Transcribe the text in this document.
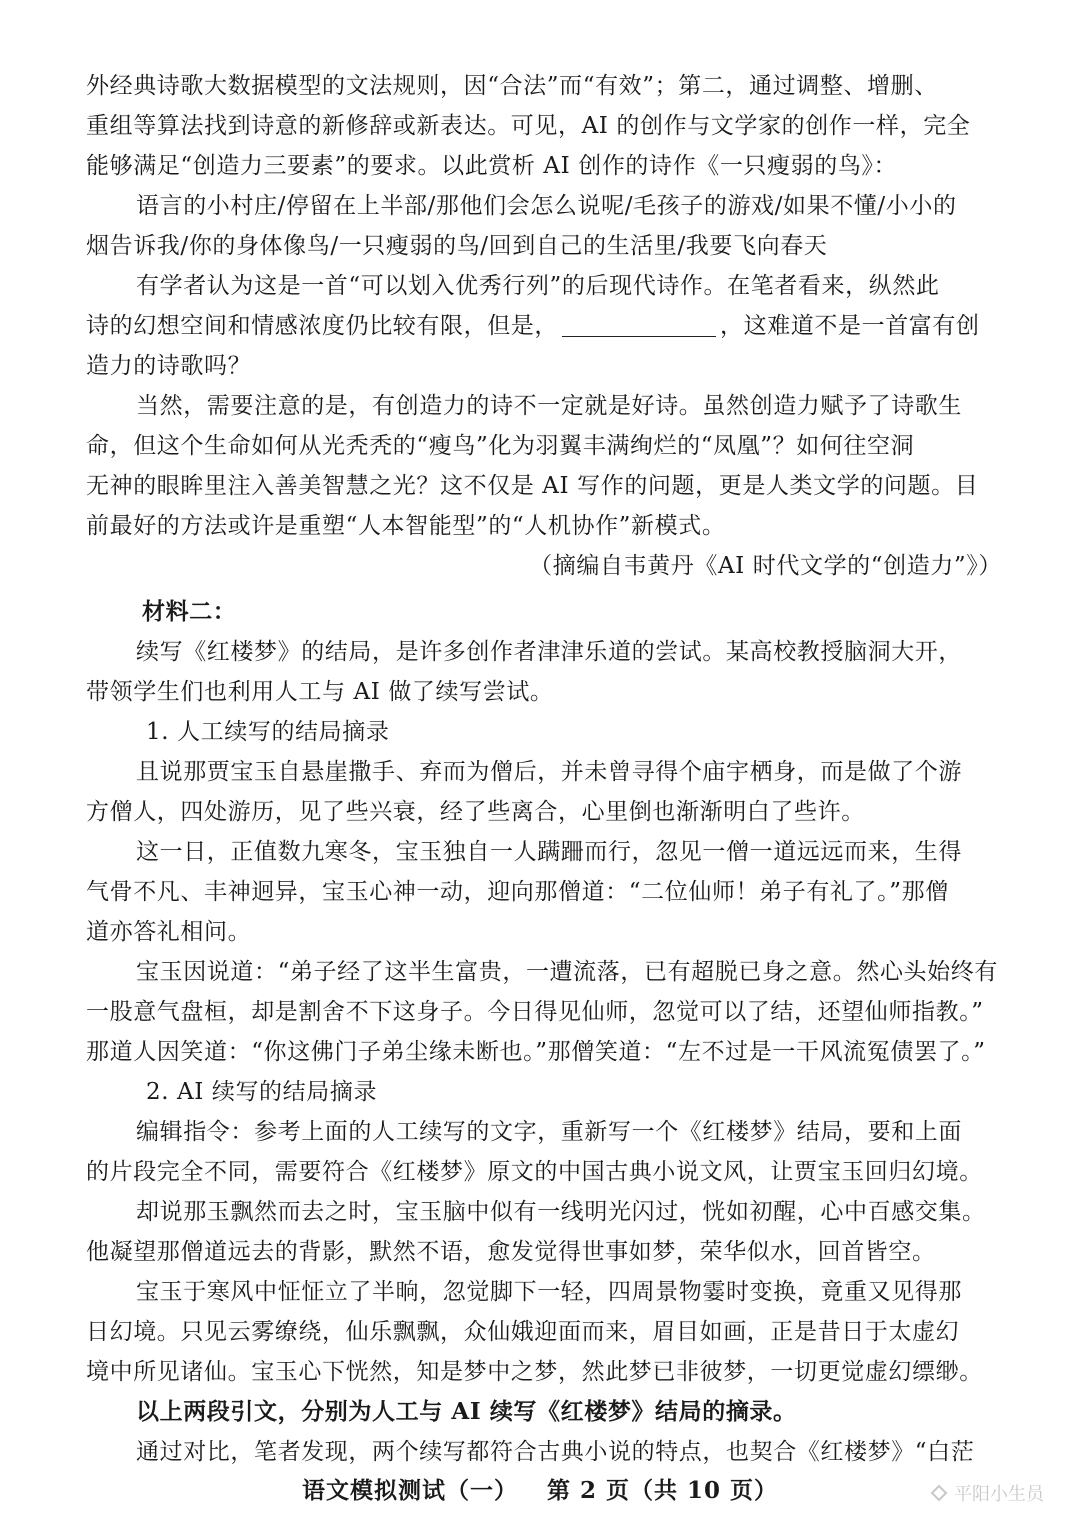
外经典诗歌大数据模型的文法规则，因“合法”而“有效”；第二，通过调整、增删、
重组等算法找到诗意的新修辞或新表达。可见，AI 的创作与文学家的创作一样，完全
能够满足“创造力三要素”的要求。以此赏析 AI 创作的诗作《一只瘦弱的鸟》：
语言的小村庄/停留在上半部/那他们会怎么说呢/毛孩子的游戏/如果不懂/小小的
烟告诉我/你的身体像鸟/一只瘦弱的鸟/回到自己的生活里/我要飞向春天
有学者认为这是一首“可以划入优秀行列”的后现代诗作。在笔者看来，纵然此
诗的幻想空间和情感浓度仍比较有限，但是，	，这难道不是一首富有创
造力的诗歌吗？
当然，需要注意的是，有创造力的诗不一定就是好诗。虽然创造力赋予了诗歌生
命，但这个生命如何从光秃秃的“瘦鸟”化为羽翼丰满绚烂的“凤凰”？如何往空洞
无神的眼眸里注入善美智慧之光？这不仅是 AI 写作的问题，更是人类文学的问题。目
前最好的方法或许是重塑“人本智能型”的“人机协作”新模式。
（摘编自韦黄丹《AI 时代文学的“创造力”》）
材料二：
续写《红楼梦》的结局，是许多创作者津津乐道的尝试。某高校教授脑洞大开，
带领学生们也利用人工与 AI 做了续写尝试。
1. 人工续写的结局摘录
且说那贾宝玉自悬崖撒手、弃而为僧后，并未曾寻得个庙宇栖身，而是做了个游
方僧人，四处游历，见了些兴衰，经了些离合，心里倒也渐渐明白了些许。
这一日，正值数九寒冬，宝玉独自一人蹒跚而行，忽见一僧一道远远而来，生得
气骨不凡、丰神迥异，宝玉心神一动，迎向那僧道：“二位仙师！弟子有礼了。”那僧
道亦答礼相问。
宝玉因说道：“弟子经了这半生富贵，一遭流落，已有超脱已身之意。然心头始终有
一股意气盘桓，却是割舍不下这身子。今日得见仙师，忽觉可以了结，还望仙师指教。”
那道人因笑道：“你这佛门子弟尘缘未断也。”那僧笑道：“左不过是一干风流冤债罢了。”
2. AI 续写的结局摘录
编辑指令：参考上面的人工续写的文字，重新写一个《红楼梦》结局，要和上面
的片段完全不同，需要符合《红楼梦》原文的中国古典小说文风，让贾宝玉回归幻境。
却说那玉飘然而去之时，宝玉脑中似有一线明光闪过，恍如初醒，心中百感交集。
他凝望那僧道远去的背影，默然不语，愈发觉得世事如梦，荣华似水，回首皆空。
宝玉于寒风中怔怔立了半晌，忽觉脚下一轻，四周景物霎时变换，竟重又见得那
日幻境。只见云雾缭绕，仙乐飘飘，众仙娥迎面而来，眉目如画，正是昔日于太虚幻
境中所见诸仙。宝玉心下恍然，知是梦中之梦，然此梦已非彼梦，一切更觉虚幻缥缈。
以上两段引文，分别为人工与 AI 续写《红楼梦》结局的摘录。
通过对比，笔者发现，两个续写都符合古典小说的特点，也契合《红楼梦》“白茫
语文模拟测试（一） 第 2 页（共 10 页）	平阳小生员
